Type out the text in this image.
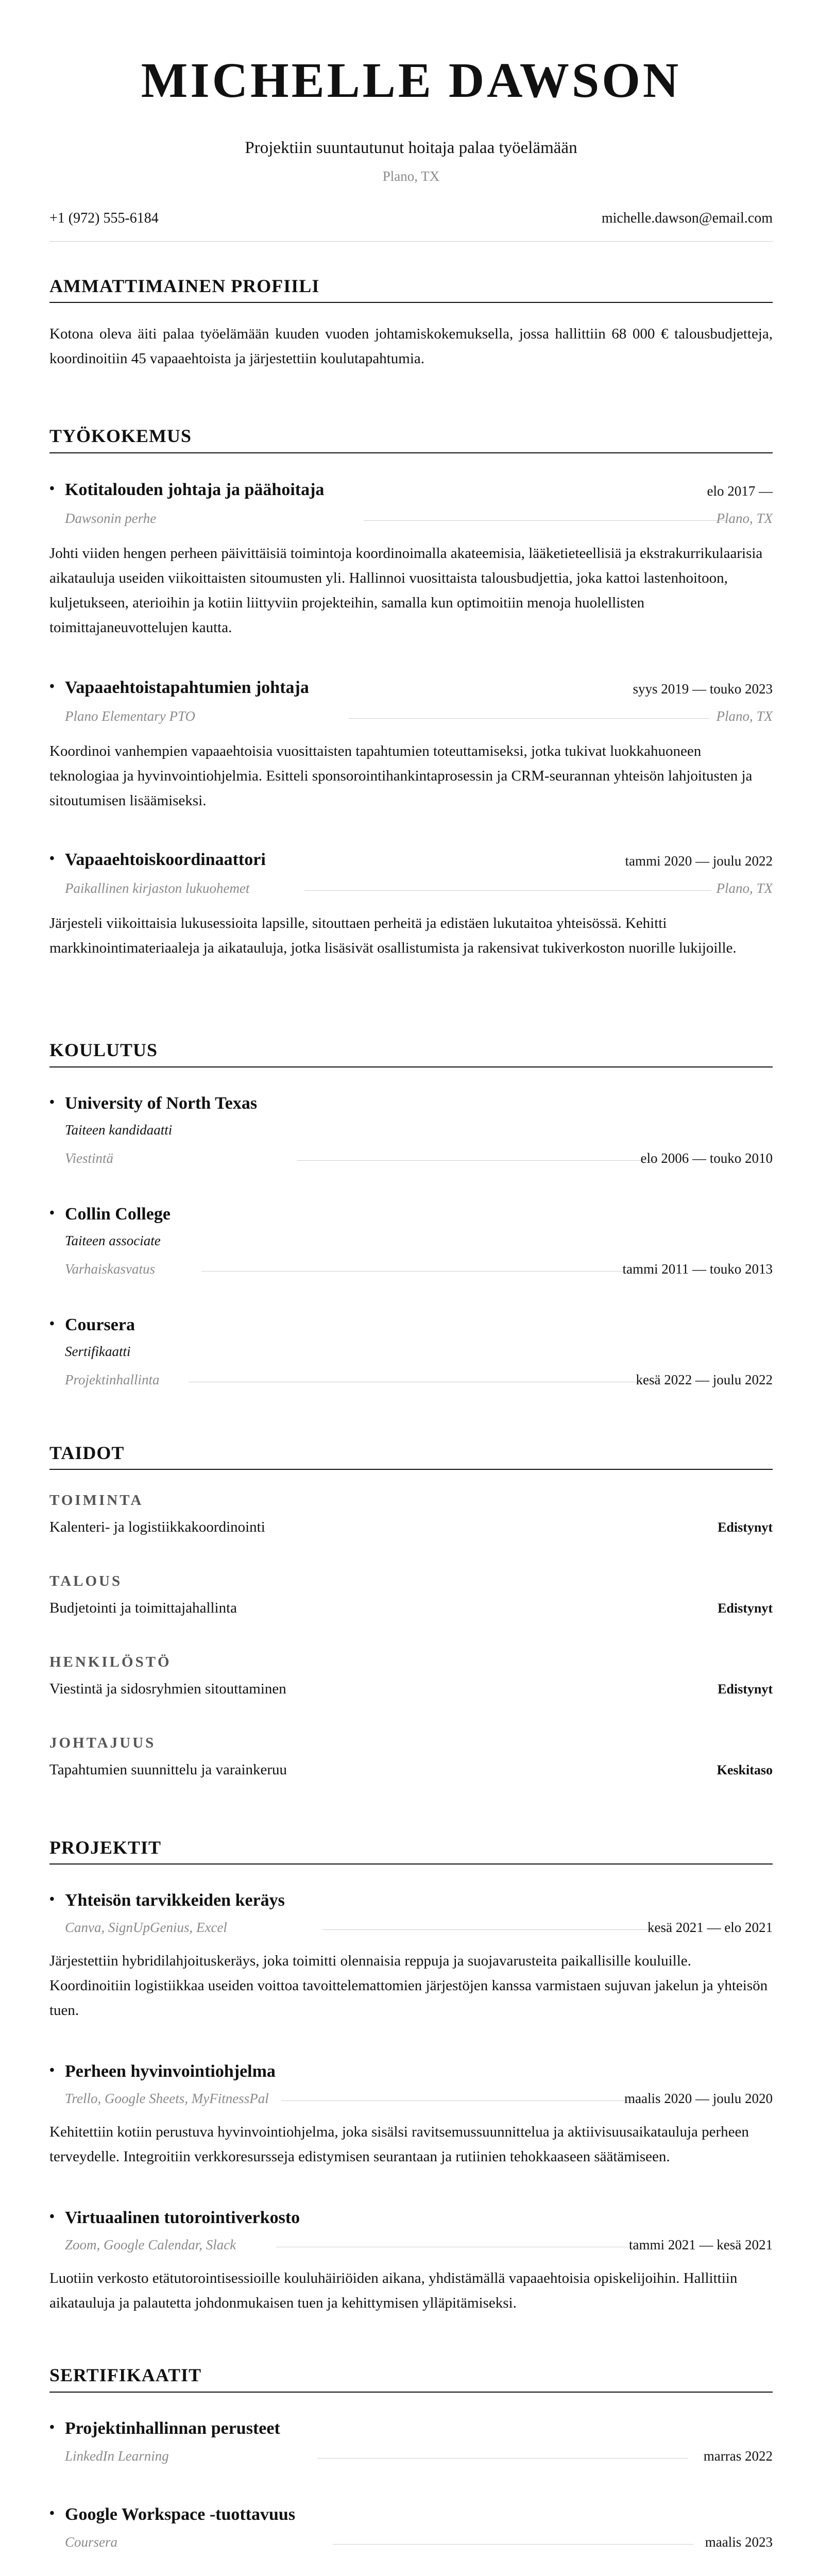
MICHELLE DAWSON

Projektiin suuntautunut hoitaja palaa työelämään

Plano, TX

+1 (972) 555-6184	michelle.dawson@email.com
AMMATTIMAINEN PROFIILI

Kotona oleva äiti palaa työelämään kuuden vuoden johtamiskokemuksella, jossa hallittiin 68 000 € talousbudjetteja, koordinoitiin 45 vapaaehtoista ja järjestettiin koulutapahtumia.

TYÖKOKEMUS
• Kotitalouden johtaja ja päähoitaja	elo 2017 —
Dawsonin perhe	Plano, TX

Johti viiden hengen perheen päivittäisiä toimintoja koordinoimalla akateemisia, lääketieteellisiä ja ekstrakurrikulaarisia aikatauluja useiden viikoittaisten sitoumusten yli. Hallinnoi vuosittaista talousbudjettia, joka kattoi lastenhoitoon, kuljetukseen, aterioihin ja kotiin liittyviin projekteihin, samalla kun optimoitiin menoja huolellisten toimittajaneuvottelujen kautta.

• Vapaaehtoistapahtumien johtaja	syys 2019 — touko 2023
Plano Elementary PTO	Plano, TX

Koordinoi vanhempien vapaaehtoisia vuosittaisten tapahtumien toteuttamiseksi, jotka tukivat luokkahuoneen teknologiaa ja hyvinvointiohjelmia. Esitteli sponsorointihankintaprosessin ja CRM-seurannan yhteisön lahjoitusten ja sitoutumisen lisäämiseksi.

• Vapaaehtoiskoordinaattori	tammi 2020 — joulu 2022
Paikallinen kirjaston lukuohemet	Plano, TX

Järjesteli viikoittaisia lukusessioita lapsille, sitouttaen perheitä ja edistäen lukutaitoa yhteisössä. Kehitti markkinointimateriaaleja ja aikatauluja, jotka lisäsivät osallistumista ja rakensivat tukiverkoston nuorille lukijoille.

KOULUTUS
• University of North Texas
Taiteen kandidaatti
Viestintä	elo 2006 — touko 2010
• Collin College
Taiteen associate
Varhaiskasvatus	tammi 2011 — touko 2013
• Coursera
Sertifikaatti
Projektinhallinta	kesä 2022 — joulu 2022
TAIDOT
TOIMINTA
Kalenteri- ja logistiikkakoordinointi	Edistynyt
TALOUS
Budjetointi ja toimittajahallinta	Edistynyt
HENKILÖSTÖ
Viestintä ja sidosryhmien sitouttaminen	Edistynyt
JOHTAJUUS
Tapahtumien suunnittelu ja varainkeruu	Keskitaso
PROJEKTIT
• Yhteisön tarvikkeiden keräys
Canva, SignUpGenius, Excel	kesä 2021 — elo 2021

Järjestettiin hybridilahjoituskeräys, joka toimitti olennaisia reppuja ja suojavarusteita paikallisille kouluille. Koordinoitiin logistiikkaa useiden voittoa tavoittelemattomien järjestöjen kanssa varmistaen sujuvan jakelun ja yhteisön tuen.

• Perheen hyvinvointiohjelma
Trello, Google Sheets, MyFitnessPal	maalis 2020 — joulu 2020

Kehitettiin kotiin perustuva hyvinvointiohjelma, joka sisälsi ravitsemussuunnittelua ja aktiivisuusaikatauluja perheen terveydelle. Integroitiin verkkoresursseja edistymisen seurantaan ja rutiinien tehokkaaseen säätämiseen.

• Virtuaalinen tutorointiverkosto
Zoom, Google Calendar, Slack	tammi 2021 — kesä 2021

Luotiin verkosto etätutorointisessioille kouluhäiriöiden aikana, yhdistämällä vapaaehtoisia opiskelijoihin. Hallittiin aikatauluja ja palautetta johdonmukaisen tuen ja kehittymisen ylläpitämiseksi.

SERTIFIKAATIT
• Projektinhallinnan perusteet
LinkedIn Learning	marras 2022
• Google Workspace -tuottavuus
Coursera	maalis 2023
